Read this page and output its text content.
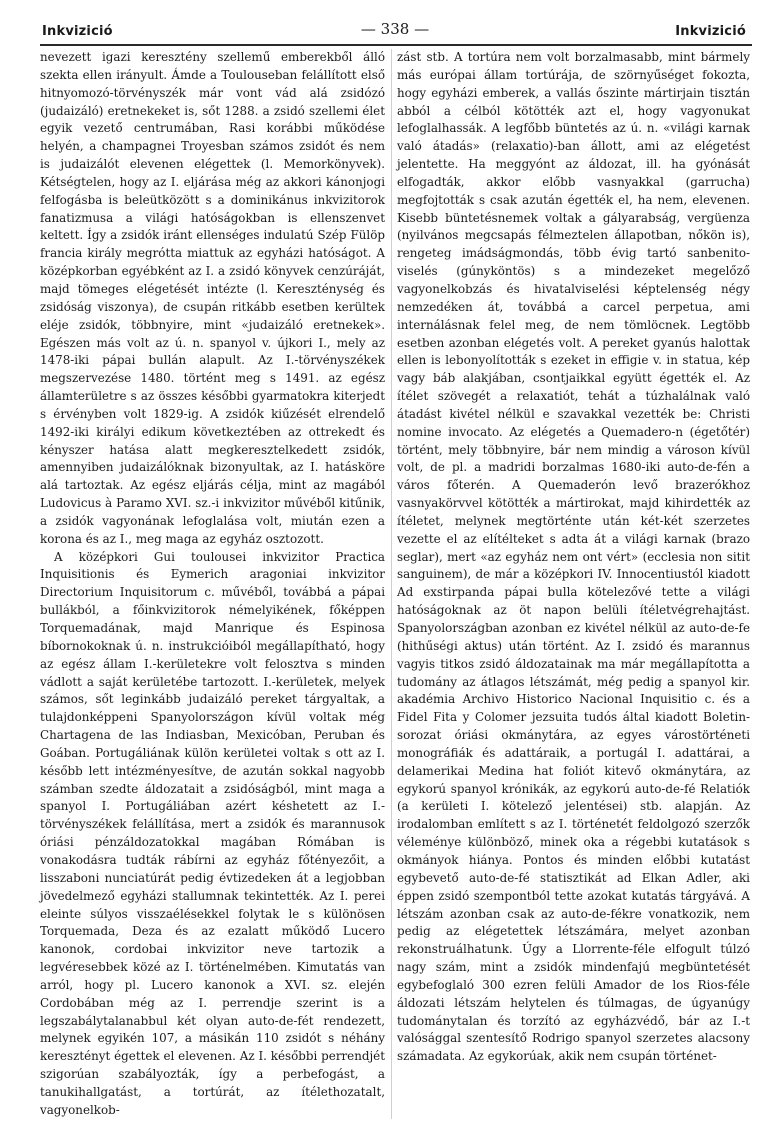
Inkvizició	— 338 —	Inkvizició

nevezett igazi keresztény szellemű emberekből álló szekta ellen irányult. Ámde a Toulouseban felállított első hitnyomozó-törvényszék már vont vád alá zsidózó (judaizáló) eretnekeket is, sőt 1288. a zsidó szellemi élet egyik vezető centrumában, Rasi korábbi működése helyén, a champagnei Troyesban számos zsidót és nem is judaizálót elevenen elégettek (l. Memorkönyvek). Kétségtelen, hogy az I. eljárása még az akkori kánonjogi felfogásba is beleütközött s a dominikánus inkvizitorok fanatizmusa a világi hatóságokban is ellenszenvet keltett. Így a zsidók iránt ellenséges indulatú Szép Fülöp francia király megrótta miattuk az egyházi hatóságot. A középkorban egyébként az I. a zsidó könyvek cenzúráját, majd tömeges elégetését intézte (l. Kereszténység és zsidóság viszonya), de csupán ritkább esetben kerültek eléje zsidók, többnyire, mint «judaizáló eretnekek». Egészen más volt az ú. n. spanyol v. újkori I., mely az 1478-iki pápai bullán alapult. Az I.-törvényszékek megszervezése 1480. történt meg s 1491. az egész államterületre s az összes későbbi gyarmatokra kiterjedt s érvényben volt 1829-ig. A zsidók kiűzését elrendelő 1492-iki királyi edikum következtében az ottrekedt és kényszer hatása alatt megkeresztelkedett zsidók, amennyiben judaizálóknak bizonyultak, az I. hatásköre alá tartoztak. Az egész eljárás célja, mint az magából Ludovicus à Paramo XVI. sz.-i inkvizitor művéből kitűnik, a zsidók vagyonának lefoglalása volt, miután ezen a korona és az I., meg maga az egyház osztozott.

A középkori Gui toulousei inkvizitor Practica Inquisitionis és Eymerich aragoniai inkvizitor Directorium Inquisitorum c. művéből, továbbá a pápai bullákból, a főinkvizitorok némelyikének, főképpen Torquemadának, majd Manrique és Espinosa bíbornokoknak ú. n. instrukcióiból megállapítható, hogy az egész állam I.-kerületekre volt felosztva s minden vádlott a saját kerületébe tartozott. I.-kerületek, melyek számos, sőt leginkább judaizáló pereket tárgyaltak, a tulajdonképpeni Spanyolországon kívül voltak még Chartagena de las Indiasban, Mexicóban, Peruban és Goában. Portugáliának külön kerületei voltak s ott az I. később lett intézményesítve, de azután sokkal nagyobb számban szedte áldozatait a zsidóságból, mint maga a spanyol I. Portugáliában azért késhetett az I.-törvényszékek felállítása, mert a zsidók és marannusok óriási pénzáldozatokkal magában Rómában is vonakodásra tudták rábírni az egyház főtényezőit, a lisszaboni nunciatúrát pedig évtizedeken át a legjobban jövedelmező egyházi stallumnak tekintették. Az I. perei eleinte súlyos visszaélésekkel folytak le s különösen Torquemada, Deza és az ezalatt működő Lucero kanonok, cordobai inkvizitor neve tartozik a legvéresebbek közé az I. történelmében. Kimutatás van arról, hogy pl. Lucero kanonok a XVI. sz. elején Cordobában még az I. perrendje szerint is a legszabálytalanabbul két olyan auto-de-fét rendezett, melynek egyikén 107, a másikán 110 zsidót s néhány keresztényt égettek el elevenen. Az I. későbbi perrendjét szigorúan szabályozták, így a perbefogást, a tanukihallgatást, a tortúrát, az ítélethozatalt, vagyonelkob-

zást stb. A tortúra nem volt borzalmasabb, mint bármely más európai állam tortúrája, de szörnyűséget fokozta, hogy egyházi emberek, a vallás őszinte mártirjain tisztán abból a célból kötötték azt el, hogy vagyonukat lefoglalhassák. A legfőbb büntetés az ú. n. «világi karnak való átadás» (relaxatio)-ban állott, ami az elégetést jelentette. Ha meggyónt az áldozat, ill. ha gyónását elfogadták, akkor előbb vasnyakkal (garrucha) megfojtották s csak azután égették el, ha nem, elevenen. Kisebb büntetésnemek voltak a gályarabság, vergüenza (nyilvános megcsapás félmeztelen állapotban, nőkön is), rengeteg imádságmondás, több évig tartó sanbenito-viselés (gúnyköntös) s a mindezeket megelőző vagyonelkobzás és hivatalviselési képtelenség négy nemzedéken át, továbbá a carcel perpetua, ami internálásnak felel meg, de nem tömlöcnek. Legtöbb esetben azonban elégetés volt. A pereket gyanús halottak ellen is lebonyolították s ezeket in effigie v. in statua, kép vagy báb alakjában, csontjaikkal együtt égették el. Az ítélet szövegét a relaxatiót, tehát a túzhalálnak való átadást kivétel nélkül e szavakkal vezették be: Christi nomine invocato. Az elégetés a Quemadero-n (égetőtér) történt, mely többnyire, bár nem mindig a városon kívül volt, de pl. a madridi borzalmas 1680-iki auto-de-fén a város főterén. A Quemaderón levő brazerókhoz vasnyakörvvel kötötték a mártirokat, majd kihirdették az ítéletet, melynek megtörténte után két-két szerzetes vezette el az elítélteket s adta át a világi karnak (brazo seglar), mert «az egyház nem ont vért» (ecclesia non sitit sanguinem), de már a középkori IV. Innocentiustól kiadott Ad exstirpanda pápai bulla kötelezővé tette a világi hatóságoknak az öt napon belüli ítéletvégrehajtást. Spanyolországban azonban ez kivétel nélkül az auto-de-fe (hithűségi aktus) után történt. Az I. zsidó és marannus vagyis titkos zsidó áldozatainak ma már megállapította a tudomány az átlagos létszámát, még pedig a spanyol kir. akadémia Archivo Historico Nacional Inquisitio c. és a Fidel Fita y Colomer jezsuita tudós által kiadott Boletin-sorozat óriási okmánytára, az egyes várostörténeti monográfiák és adattáraik, a portugál I. adattárai, a delamerikai Medina hat foliót kitevő okmánytára, az egykorú spanyol krónikák, az egykorú auto-de-fé Relatiók (a kerületi I. kötelező jelentései) stb. alapján. Az irodalomban említett s az I. történetét feldolgozó szerzők véleménye különböző, minek oka a régebbi kutatások s okmányok hiánya. Pontos és minden előbbi kutatást egybevető auto-de-fé statisztikát ad Elkan Adler, aki éppen zsidó szempontból tette azokat kutatás tárgyává. A létszám azonban csak az auto-de-fékre vonatkozik, nem pedig az elégetettek létszámára, melyet azonban rekonstruálhatunk. Úgy a Llorrente-féle elfogult túlzó nagy szám, mint a zsidók mindenfajú megbüntetését egybefoglaló 300 ezren felüli Amador de los Rios-féle áldozati létszám helytelen és túlmagas, de úgyanúgy tudománytalan és torzító az egyházvédő, bár az I.-t valósággal szentesítő Rodrigo spanyol szerzetes alacsony számadata. Az egykorúak, akik nem csupán történet-
